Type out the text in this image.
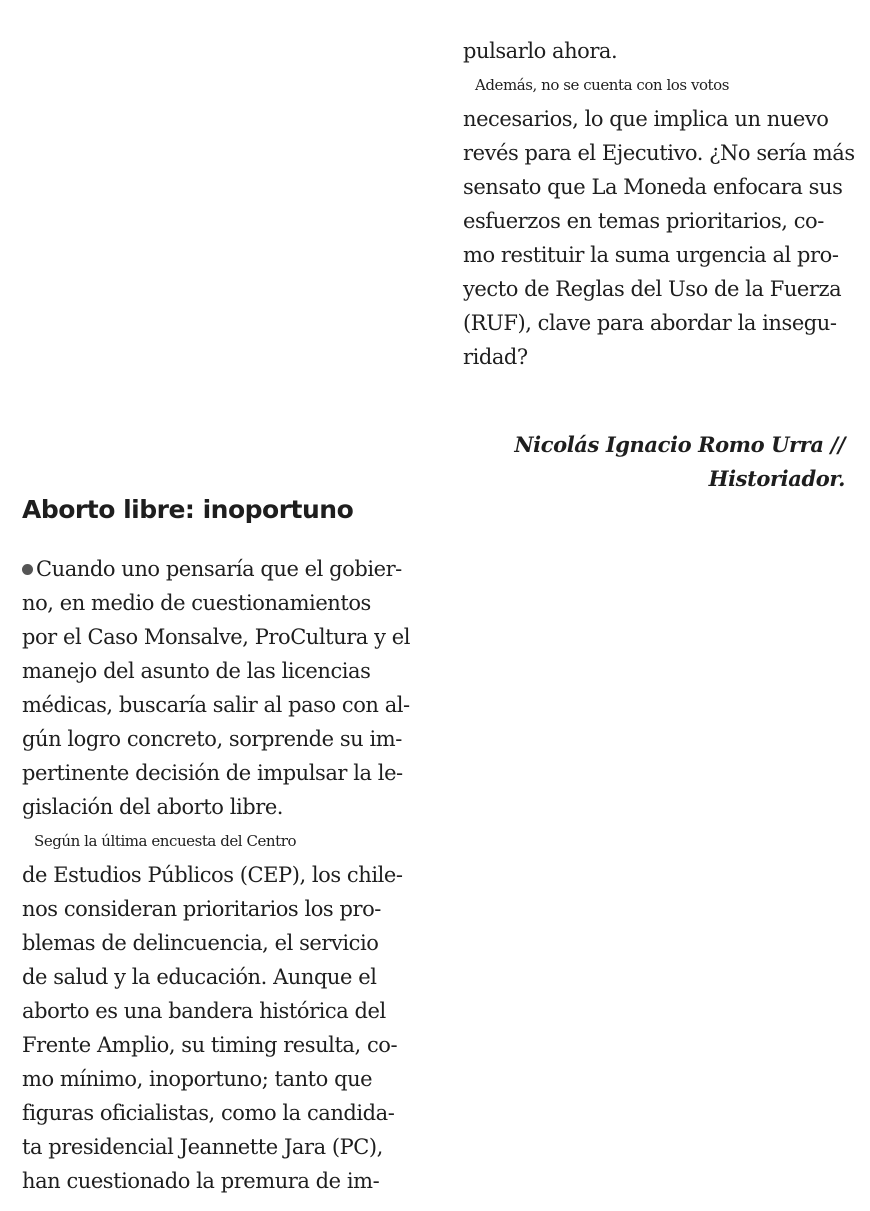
pulsarlo ahora.
Además, no se cuenta con los votos
necesarios, lo que implica un nuevo
revés para el Ejecutivo. ¿No sería más
sensato que La Moneda enfocara sus
esfuerzos en temas prioritarios, co-
mo restituir la suma urgencia al pro-
yecto de Reglas del Uso de la Fuerza
(RUF), clave para abordar la insegu-
ridad?
Nicolás Ignacio Romo Urra //
Historiador.
Aborto libre: inoportuno
Cuando uno pensaría que el gobier-
no, en medio de cuestionamientos
por el Caso Monsalve, ProCultura y el
manejo del asunto de las licencias
médicas, buscaría salir al paso con al-
gún logro concreto, sorprende su im-
pertinente decisión de impulsar la le-
gislación del aborto libre.
Según la última encuesta del Centro
de Estudios Públicos (CEP), los chile-
nos consideran prioritarios los pro-
blemas de delincuencia, el servicio
de salud y la educación. Aunque el
aborto es una bandera histórica del
Frente Amplio, su timing resulta, co-
mo mínimo, inoportuno; tanto que
figuras oficialistas, como la candida-
ta presidencial Jeannette Jara (PC),
han cuestionado la premura de im-
